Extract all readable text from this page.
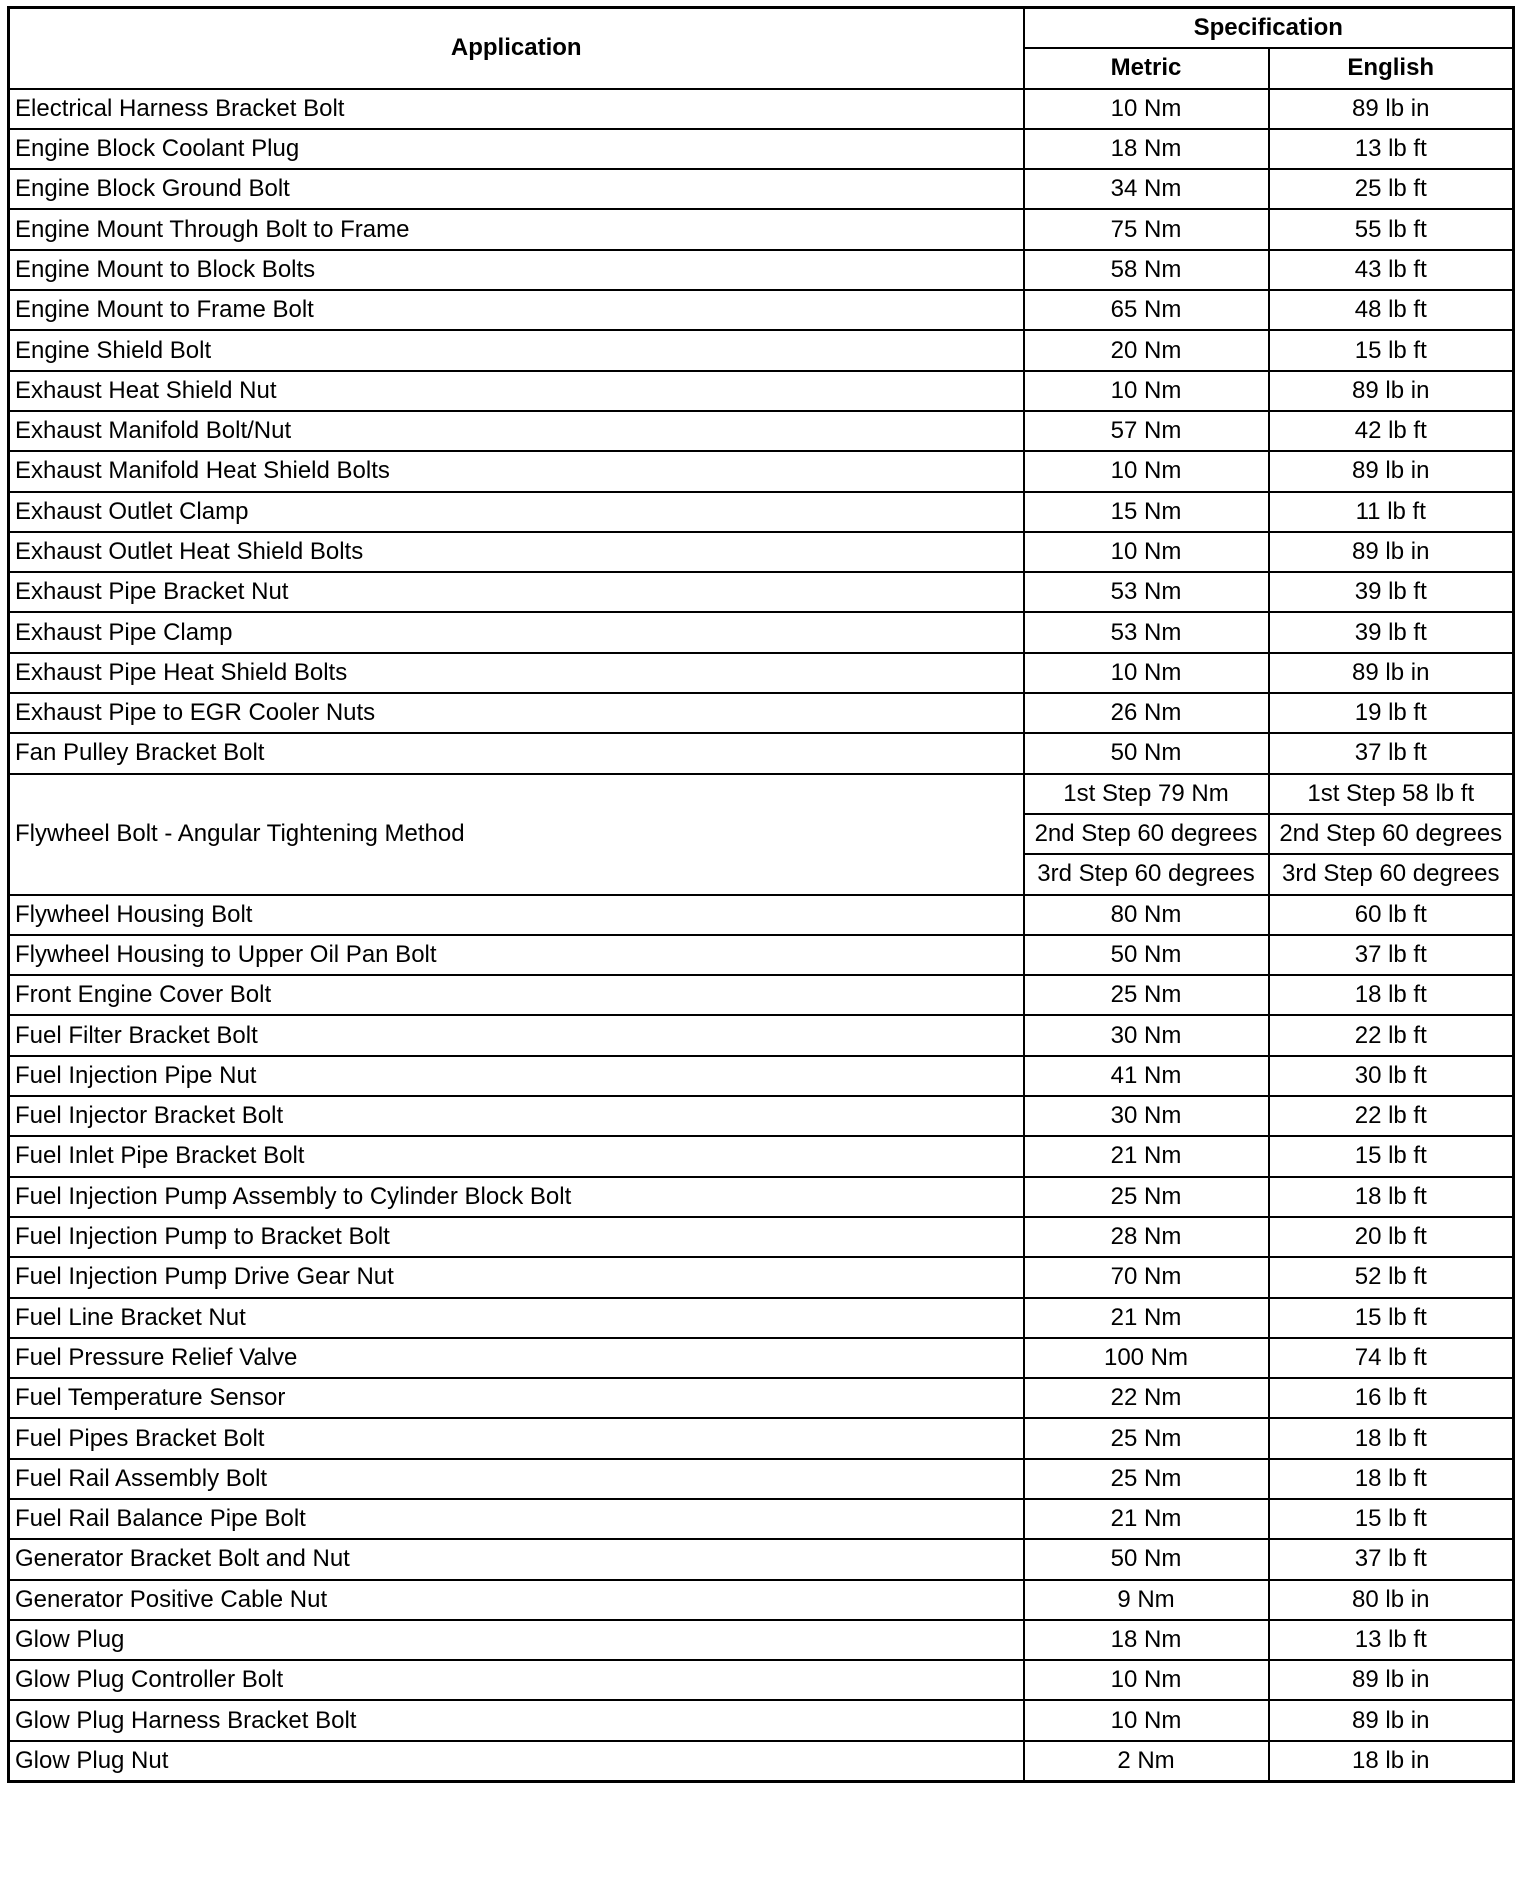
Application	Specification	
	Metric	English
Electrical Harness Bracket Bolt	10 Nm	89 lb in
Engine Block Coolant Plug	18 Nm	13 lb ft
Engine Block Ground Bolt	34 Nm	25 lb ft
Engine Mount Through Bolt to Frame	75 Nm	55 lb ft
Engine Mount to Block Bolts	58 Nm	43 lb ft
Engine Mount to Frame Bolt	65 Nm	48 lb ft
Engine Shield Bolt	20 Nm	15 lb ft
Exhaust Heat Shield Nut	10 Nm	89 lb in
Exhaust Manifold Bolt/Nut	57 Nm	42 lb ft
Exhaust Manifold Heat Shield Bolts	10 Nm	89 lb in
Exhaust Outlet Clamp	15 Nm	11 lb ft
Exhaust Outlet Heat Shield Bolts	10 Nm	89 lb in
Exhaust Pipe Bracket Nut	53 Nm	39 lb ft
Exhaust Pipe Clamp	53 Nm	39 lb ft
Exhaust Pipe Heat Shield Bolts	10 Nm	89 lb in
Exhaust Pipe to EGR Cooler Nuts	26 Nm	19 lb ft
Fan Pulley Bracket Bolt	50 Nm	37 lb ft
Flywheel Bolt - Angular Tightening Method	1st Step 79 Nm	1st Step 58 lb ft
	2nd Step 60 degrees	2nd Step 60 degrees
	3rd Step 60 degrees	3rd Step 60 degrees
Flywheel Housing Bolt	80 Nm	60 lb ft
Flywheel Housing to Upper Oil Pan Bolt	50 Nm	37 lb ft
Front Engine Cover Bolt	25 Nm	18 lb ft
Fuel Filter Bracket Bolt	30 Nm	22 lb ft
Fuel Injection Pipe Nut	41 Nm	30 lb ft
Fuel Injector Bracket Bolt	30 Nm	22 lb ft
Fuel Inlet Pipe Bracket Bolt	21 Nm	15 lb ft
Fuel Injection Pump Assembly to Cylinder Block Bolt	25 Nm	18 lb ft
Fuel Injection Pump to Bracket Bolt	28 Nm	20 lb ft
Fuel Injection Pump Drive Gear Nut	70 Nm	52 lb ft
Fuel Line Bracket Nut	21 Nm	15 lb ft
Fuel Pressure Relief Valve	100 Nm	74 lb ft
Fuel Temperature Sensor	22 Nm	16 lb ft
Fuel Pipes Bracket Bolt	25 Nm	18 lb ft
Fuel Rail Assembly Bolt	25 Nm	18 lb ft
Fuel Rail Balance Pipe Bolt	21 Nm	15 lb ft
Generator Bracket Bolt and Nut	50 Nm	37 lb ft
Generator Positive Cable Nut	9 Nm	80 lb in
Glow Plug	18 Nm	13 lb ft
Glow Plug Controller Bolt	10 Nm	89 lb in
Glow Plug Harness Bracket Bolt	10 Nm	89 lb in
Glow Plug Nut	2 Nm	18 lb in
